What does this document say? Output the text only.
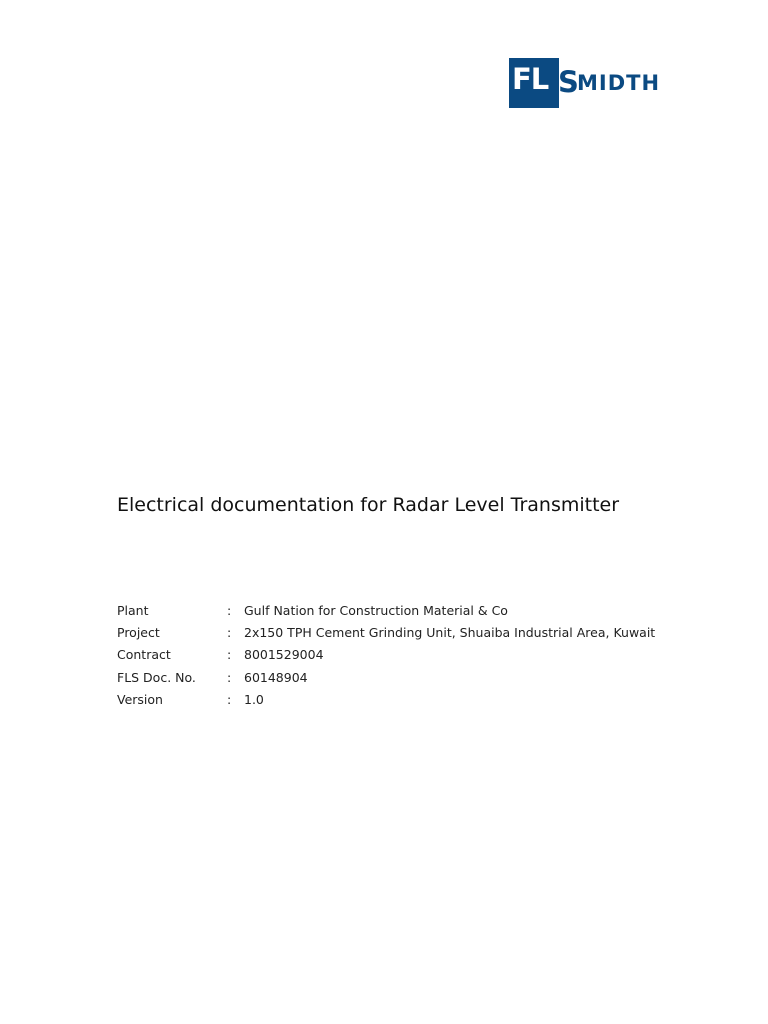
FL S
MIDTH
Electrical documentation for Radar Level Transmitter
Plant	:	Gulf Nation for Construction Material & Co
Project	:	2x150 TPH Cement Grinding Unit, Shuaiba Industrial Area, Kuwait
Contract	:	8001529004
FLS Doc. No.	:	60148904
Version	:	1.0
